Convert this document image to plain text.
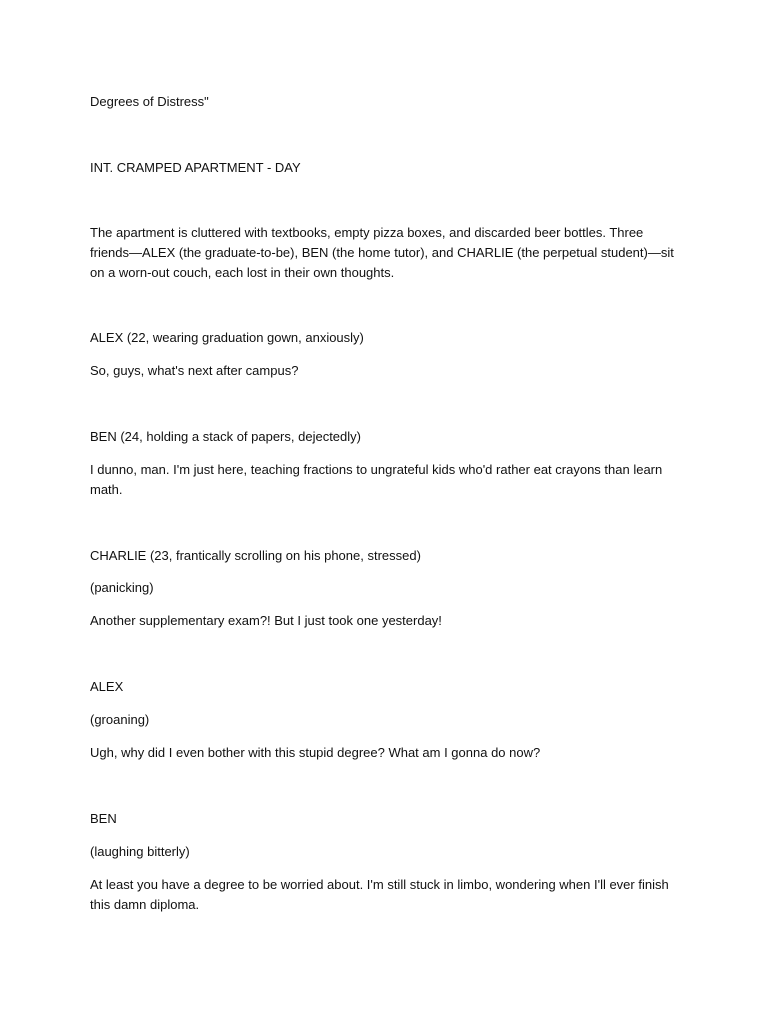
Degrees of Distress"

INT. CRAMPED APARTMENT - DAY

The apartment is cluttered with textbooks, empty pizza boxes, and discarded beer bottles. Three friends—ALEX (the graduate-to-be), BEN (the home tutor), and CHARLIE (the perpetual student)—sit on a worn-out couch, each lost in their own thoughts.

ALEX (22, wearing graduation gown, anxiously)

So, guys, what's next after campus?

BEN (24, holding a stack of papers, dejectedly)

I dunno, man. I'm just here, teaching fractions to ungrateful kids who'd rather eat crayons than learn math.

CHARLIE (23, frantically scrolling on his phone, stressed)

(panicking)

Another supplementary exam?! But I just took one yesterday!

ALEX

(groaning)

Ugh, why did I even bother with this stupid degree? What am I gonna do now?

BEN

(laughing bitterly)

At least you have a degree to be worried about. I'm still stuck in limbo, wondering when I'll ever finish this damn diploma.
